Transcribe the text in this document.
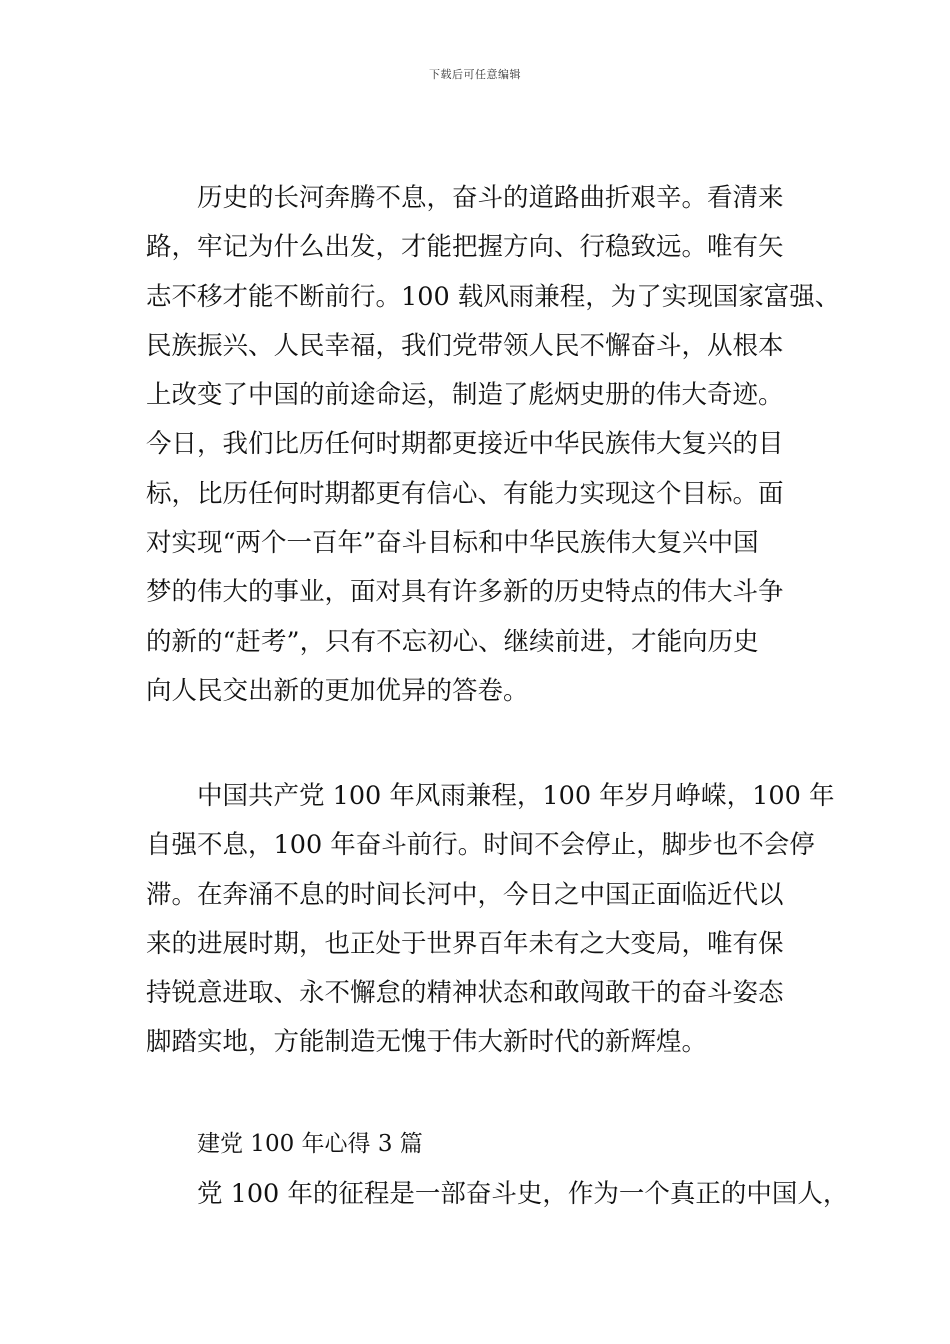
下载后可任意编辑
历史的长河奔腾不息，奋斗的道路曲折艰辛。看清来
路，牢记为什么出发，才能把握方向、行稳致远。唯有矢
志不移才能不断前行。100 载风雨兼程，为了实现国家富强、
民族振兴、人民幸福，我们党带领人民不懈奋斗，从根本
上改变了中国的前途命运，制造了彪炳史册的伟大奇迹。
今日，我们比历任何时期都更接近中华民族伟大复兴的目
标，比历任何时期都更有信心、有能力实现这个目标。面
对实现“两个一百年”奋斗目标和中华民族伟大复兴中国
梦的伟大的事业，面对具有许多新的历史特点的伟大斗争
的新的“赶考”，只有不忘初心、继续前进，才能向历史
向人民交出新的更加优异的答卷。
中国共产党 100 年风雨兼程，100 年岁月峥嵘，100 年
自强不息，100 年奋斗前行。时间不会停止，脚步也不会停
滞。在奔涌不息的时间长河中，今日之中国正面临近代以
来的进展时期，也正处于世界百年未有之大变局，唯有保
持锐意进取、永不懈怠的精神状态和敢闯敢干的奋斗姿态
脚踏实地，方能制造无愧于伟大新时代的新辉煌。
建党 100 年心得 3 篇
党 100 年的征程是一部奋斗史，作为一个真正的中国人，
